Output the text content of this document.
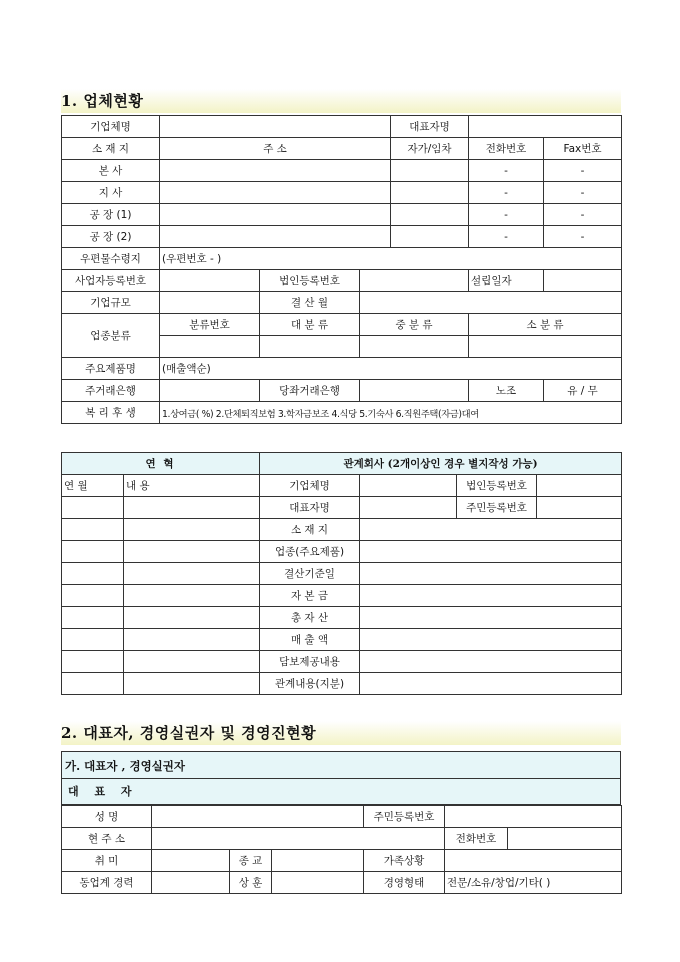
1. 업체현황
기업체명				대표자명		
소 재 지	주 소			자가/임차	전화번호	Fax번호
본 사					-	-
지 사					-	-
공 장 (1)					-	-
공 장 (2)					-	-
우편물수령지	(우편번호 - )					
사업자등록번호		법인등록번호			설립일자	
기업규모		결 산 월				
업종분류	분류번호	대 분 류	중 분 류		소 분 류	

주요제품명	(매출액순)					
주거래은행		당좌거래은행			노조	유 / 무
복 리 후 생	1.상여금( %) 2.단체퇴직보험 3.학자금보조 4.식당 5.기숙사 6.직원주택(자금)대여					
연 혁		관계회사 (2개이상인 경우 별지작성 가능)			
연 월	내 용	기업체명		법인등록번호	
		대표자명		주민등록번호	
		소 재 지			
		업종(주요제품)			
		결산기준일			
		자 본 금			
		총 자 산			
		매 출 액			
		담보제공내용			
		관계내용(지분)			
2. 대표자, 경영실권자 및 경영진현황
가. 대표자 , 경영실권자
대 표 자
성 명				주민등록번호		
현 주 소					전화번호	
취 미		종 교		가족상황		
동업계 경력		상 훈		경영형태	전문/소유/창업/기타( )	
